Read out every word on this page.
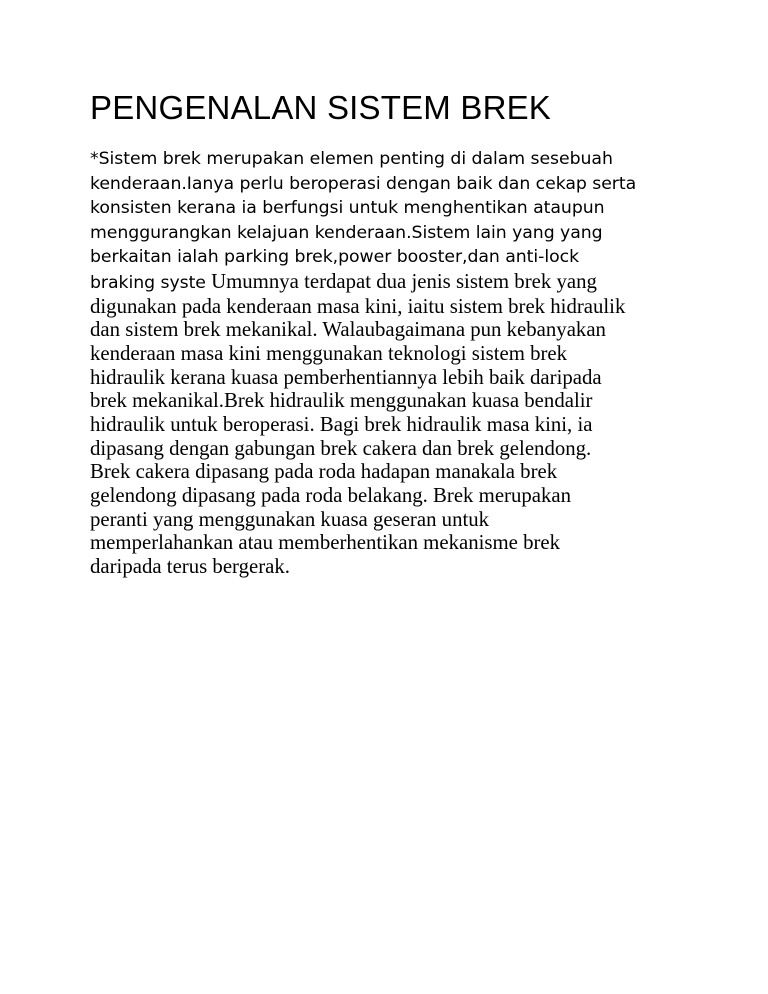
PENGENALAN SISTEM BREK
*Sistem brek merupakan elemen penting di dalam sesebuah
kenderaan.Ianya perlu beroperasi dengan baik dan cekap serta
konsisten kerana ia berfungsi untuk menghentikan ataupun
menggurangkan kelajuan kenderaan.Sistem lain yang yang
berkaitan ialah parking brek,power booster,dan anti-lock
braking syste Umumnya terdapat dua jenis sistem brek yang
digunakan pada kenderaan masa kini, iaitu sistem brek hidraulik
dan sistem brek mekanikal. Walaubagaimana pun kebanyakan
kenderaan masa kini menggunakan teknologi sistem brek
hidraulik kerana kuasa pemberhentiannya lebih baik daripada
brek mekanikal.Brek hidraulik menggunakan kuasa bendalir
hidraulik untuk beroperasi. Bagi brek hidraulik masa kini, ia
dipasang dengan gabungan brek cakera dan brek gelendong.
Brek cakera dipasang pada roda hadapan manakala brek
gelendong dipasang pada roda belakang. Brek merupakan
peranti yang menggunakan kuasa geseran untuk
memperlahankan atau memberhentikan mekanisme brek
daripada terus bergerak.
